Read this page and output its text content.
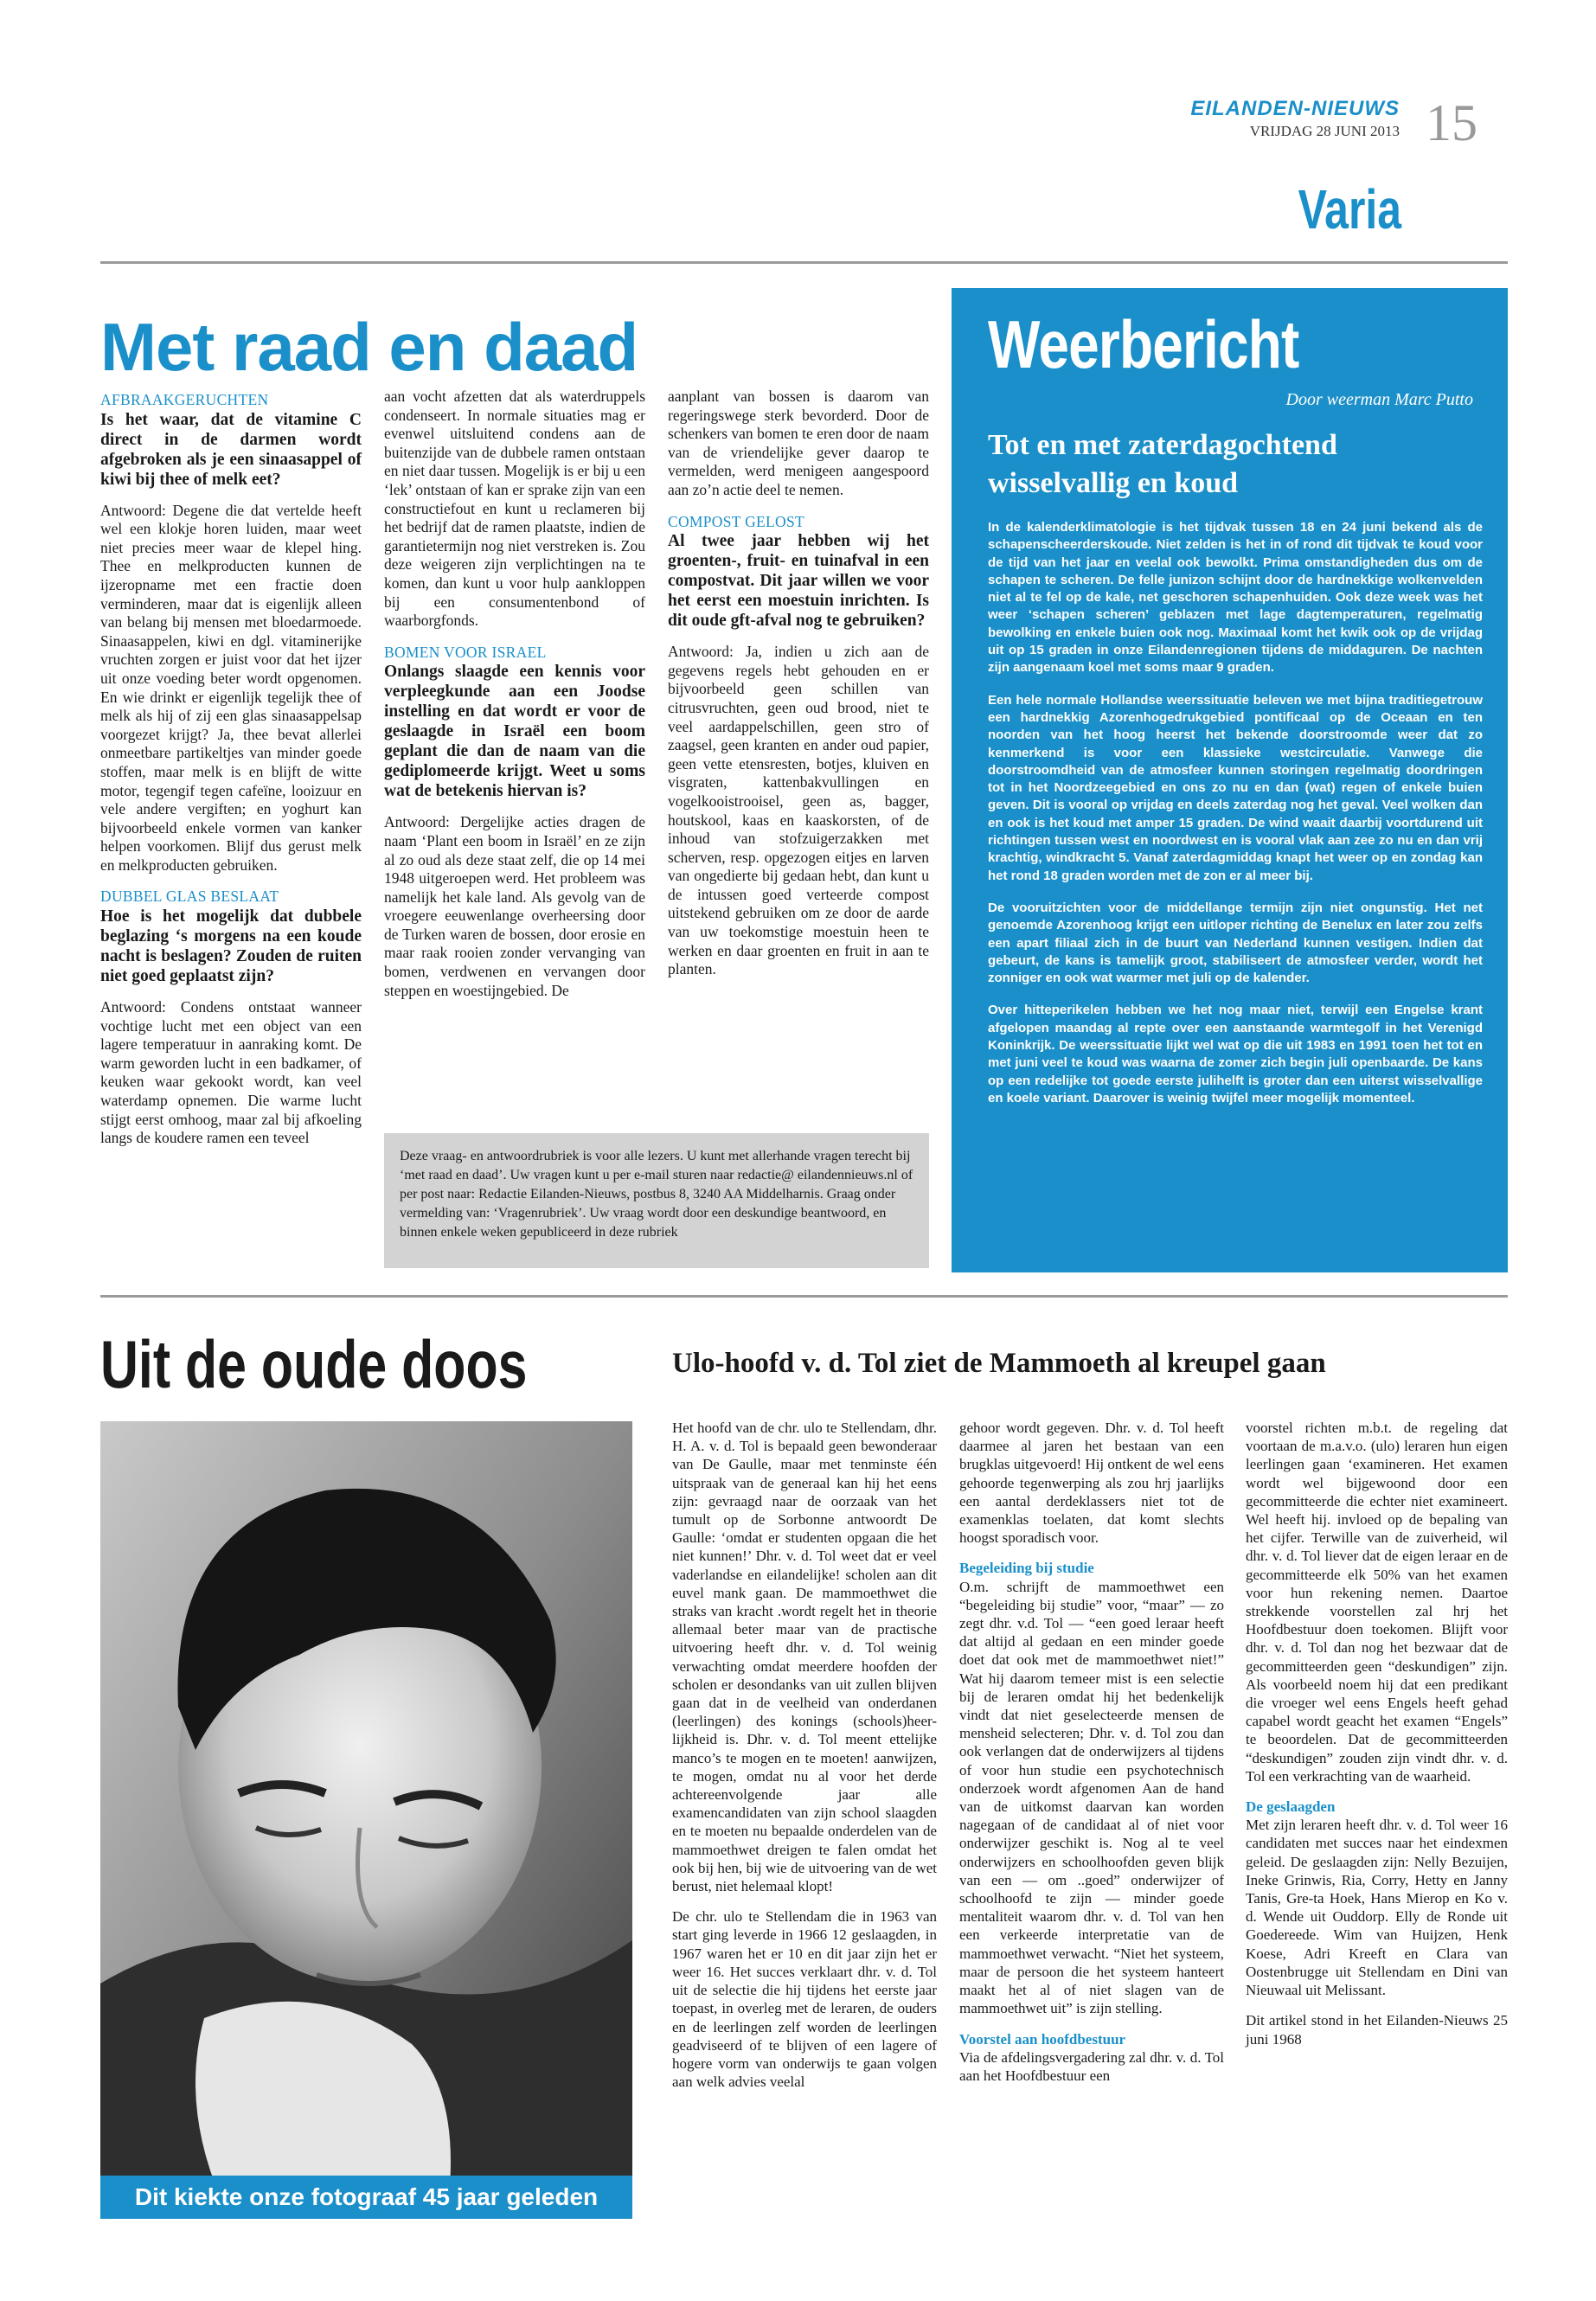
EILANDEN-NIEUWS
VRIJDAG 28 JUNI 2013 15
Varia
Met raad en daad
AFBRAAKGERUCHTEN
Is het waar, dat de vitamine C direct in de darmen wordt afgebroken als je een sinaasappel of kiwi bij thee of melk eet?

Antwoord: Degene die dat vertelde heeft wel een klokje horen luiden, maar weet niet precies meer waar de klepel hing. Thee en melkproducten kunnen de ijzeropname met een fractie doen verminderen, maar dat is eigenlijk alleen van belang bij mensen met bloedarmoede. Sinaasappelen, kiwi en dgl. vitaminerijke vruchten zorgen er juist voor dat het ijzer uit onze voeding beter wordt opgenomen. En wie drinkt er eigenlijk tegelijk thee of melk als hij of zij een glas sinaasappelsap voorgezet krijgt? Ja, thee bevat allerlei onmeetbare partikeltjes van minder goede stoffen, maar melk is en blijft de witte motor, tegengif tegen cafeïne, looizuur en vele andere vergiften; en yoghurt kan bijvoorbeeld enkele vormen van kanker helpen voorkomen. Blijf dus gerust melk en melkproducten gebruiken.

DUBBEL GLAS BESLAAT
Hoe is het mogelijk dat dubbele beglazing ‘s morgens na een koude nacht is beslagen? Zouden de ruiten niet goed geplaatst zijn?

Antwoord: Condens ontstaat wanneer vochtige lucht met een object van een lagere temperatuur in aanraking komt. De warm geworden lucht in een badkamer, of keuken waar gekookt wordt, kan veel waterdamp opnemen. Die warme lucht stijgt eerst omhoog, maar zal bij afkoeling langs de koudere ramen een teveel

aan vocht afzetten dat als waterdruppels condenseert. In normale situaties mag er evenwel uitsluitend condens aan de buitenzijde van de dubbele ramen ontstaan en niet daar tussen. Mogelijk is er bij u een ‘lek’ ontstaan of kan er sprake zijn van een constructiefout en kunt u reclameren bij het bedrijf dat de ramen plaatste, indien de garantietermijn nog niet verstreken is. Zou deze weigeren zijn verplichtingen na te komen, dan kunt u voor hulp aankloppen bij een consumentenbond of waarborgfonds.

BOMEN VOOR ISRAEL
Onlangs slaagde een kennis voor verpleegkunde aan een Joodse instelling en dat wordt er voor de geslaagde in Israël een boom geplant die dan de naam van die gediplomeerde krijgt. Weet u soms wat de betekenis hiervan is?

Antwoord: Dergelijke acties dragen de naam ‘Plant een boom in Israël’ en ze zijn al zo oud als deze staat zelf, die op 14 mei 1948 uitgeroepen werd. Het probleem was namelijk het kale land. Als gevolg van de vroegere eeuwenlange overheersing door de Turken waren de bossen, door erosie en maar raak rooien zonder vervanging van bomen, verdwenen en vervangen door steppen en woestijngebied. De

aanplant van bossen is daarom van regeringswege sterk bevorderd. Door de schenkers van bomen te eren door de naam van de vriendelijke gever daarop te vermelden, werd menigeen aangespoord aan zo’n actie deel te nemen.

COMPOST GELOST
Al twee jaar hebben wij het groenten-, fruit- en tuinafval in een compostvat. Dit jaar willen we voor het eerst een moestuin inrichten. Is dit oude gft-afval nog te gebruiken?

Antwoord: Ja, indien u zich aan de gegevens regels hebt gehouden en er bijvoorbeeld geen schillen van citrusvruchten, geen oud brood, niet te veel aardappelschillen, geen stro of zaagsel, geen kranten en ander oud papier, geen vette etensresten, botjes, kluiven en visgraten, kattenbakvullingen en vogelkooistrooisel, geen as, bagger, houtskool, kaas en kaaskorsten, of de inhoud van stofzuigerzakken met scherven, resp. opgezogen eitjes en larven van ongedierte bij gedaan hebt, dan kunt u de intussen goed verteerde compost uitstekend gebruiken om ze door de aarde van uw toekomstige moestuin heen te werken en daar groenten en fruit in aan te planten.

Deze vraag- en antwoordrubriek is voor alle lezers. U kunt met allerhande vragen terecht bij ‘met raad en daad’. Uw vragen kunt u per e-mail sturen naar redactie@ eilandennieuws.nl of per post naar: Redactie Eilanden-Nieuws, postbus 8, 3240 AA Middelharnis. Graag onder vermelding van: ‘Vragenrubriek’. Uw vraag wordt door een deskundige beantwoord, en binnen enkele weken gepubliceerd in deze rubriek
Weerbericht
Door weerman Marc Putto
Tot en met zaterdagochtend wisselvallig en koud

In de kalenderklimatologie is het tijdvak tussen 18 en 24 juni bekend als de schapenscheerderskoude. Niet zelden is het in of rond dit tijdvak te koud voor de tijd van het jaar en veelal ook bewolkt. Prima omstandigheden dus om de schapen te scheren. De felle junizon schijnt door de hardnekkige wolkenvelden niet al te fel op de kale, net geschoren schapenhuiden. Ook deze week was het weer ‘schapen scheren’ geblazen met lage dagtemperaturen, regelmatig bewolking en enkele buien ook nog. Maximaal komt het kwik ook op de vrijdag uit op 15 graden in onze Eilandenregionen tijdens de middaguren. De nachten zijn aangenaam koel met soms maar 9 graden.

Een hele normale Hollandse weerssituatie beleven we met bijna traditiegetrouw een hardnekkig Azorenhogedrukgebied pontificaal op de Oceaan en ten noorden van het hoog heerst het bekende doorstroomde weer dat zo kenmerkend is voor een klassieke westcirculatie. Vanwege die doorstroomdheid van de atmosfeer kunnen storingen regelmatig doordringen tot in het Noordzeegebied en ons zo nu en dan (wat) regen of enkele buien geven. Dit is vooral op vrijdag en deels zaterdag nog het geval. Veel wolken dan en ook is het koud met amper 15 graden. De wind waait daarbij voortdurend uit richtingen tussen west en noordwest en is vooral vlak aan zee zo nu en dan vrij krachtig, windkracht 5. Vanaf zaterdagmiddag knapt het weer op en zondag kan het rond 18 graden worden met de zon er al meer bij.

De vooruitzichten voor de middellange termijn zijn niet ongunstig. Het net genoemde Azorenhoog krijgt een uitloper richting de Benelux en later zou zelfs een apart filiaal zich in de buurt van Nederland kunnen vestigen. Indien dat gebeurt, de kans is tamelijk groot, stabiliseert de atmosfeer verder, wordt het zonniger en ook wat warmer met juli op de kalender.

Over hitteperikelen hebben we het nog maar niet, terwijl een Engelse krant afgelopen maandag al repte over een aanstaande warmtegolf in het Verenigd Koninkrijk. De weerssituatie lijkt wel wat op die uit 1983 en 1991 toen het tot en met juni veel te koud was waarna de zomer zich begin juli openbaarde. De kans op een redelijke tot goede eerste julihelft is groter dan een uiterst wisselvallige en koele variant. Daarover is weinig twijfel meer mogelijk momenteel.

Uit de oude doos	Ulo-hoofd v. d. Tol ziet de Mammoeth al kreupel gaan
Dit kiekte onze fotograaf 45 jaar geleden

Het hoofd van de chr. ulo te Stellendam, dhr. H. A. v. d. Tol is bepaald geen bewonderaar van De Gaulle, maar met tenminste één uitspraak van de generaal kan hij het eens zijn: gevraagd naar de oorzaak van het tumult op de Sorbonne antwoordt De Gaulle: ‘omdat er studenten opgaan die het niet kunnen!’ Dhr. v. d. Tol weet dat er veel vaderlandse en eilandelijke! scholen aan dit euvel mank gaan. De mammoethwet die straks van kracht .wordt regelt het in theorie allemaal beter maar van de practische uitvoering heeft dhr. v. d. Tol weinig verwachting omdat meerdere hoofden der scholen er desondanks van uit zullen blijven gaan dat in de veelheid van onderdanen (leerlingen) des konings (schools)heer-lijkheid is. Dhr. v. d. Tol meent ettelijke manco’s te mogen en te moeten! aanwijzen, te mogen, omdat nu al voor het derde achtereenvolgende jaar alle examencandidaten van zijn school slaagden en te moeten nu bepaalde onderdelen van de mammoethwet dreigen te falen omdat het ook bij hen, bij wie de uitvoering van de wet berust, niet helemaal klopt!

De chr. ulo te Stellendam die in 1963 van start ging leverde in 1966 12 geslaagden, in 1967 waren het er 10 en dit jaar zijn het er weer 16. Het succes verklaart dhr. v. d. Tol uit de selectie die hij tijdens het eerste jaar toepast, in overleg met de leraren, de ouders en de leerlingen zelf worden de leerlingen geadviseerd of te blijven of een lagere of hogere vorm van onderwijs te gaan volgen aan welk advies veelal

gehoor wordt gegeven. Dhr. v. d. Tol heeft daarmee al jaren het bestaan van een brugklas uitgevoerd! Hij ontkent de wel eens gehoorde tegenwerping als zou hrj jaarlijks een aantal derdeklassers niet tot de examenklas toelaten, dat komt slechts hoogst sporadisch voor.

Begeleiding bij studie

O.m. schrijft de mammoethwet een “begeleiding bij studie” voor, “maar” — zo zegt dhr. v.d. Tol — “een goed leraar heeft dat altijd al gedaan en een minder goede doet dat ook met de mammoethwet niet!” Wat hij daarom temeer mist is een selectie bij de leraren omdat hij het bedenkelijk vindt dat niet geselecteerde mensen de mensheid selecteren; Dhr. v. d. Tol zou dan ook verlangen dat de onderwijzers al tijdens of voor hun studie een psychotechnisch onderzoek wordt afgenomen Aan de hand van de uitkomst daarvan kan worden nagegaan of de candidaat al of niet voor onderwijzer geschikt is. Nog al te veel onderwijzers en schoolhoofden geven blijk van een — om ..goed” onderwijzer of schoolhoofd te zijn — minder goede mentaliteit waarom dhr. v. d. Tol van hen een verkeerde interpretatie van de mammoethwet verwacht. “Niet het systeem, maar de persoon die het systeem hanteert maakt het al of niet slagen van de mammoethwet uit” is zijn stelling.

Voorstel aan hoofdbestuur

Via de afdelingsvergadering zal dhr. v. d. Tol aan het Hoofdbestuur een

voorstel richten m.b.t. de regeling dat voortaan de m.a.v.o. (ulo) leraren hun eigen leerlingen gaan ‘examineren. Het examen wordt wel bijgewoond door een gecommitteerde die echter niet examineert. Wel heeft hij. invloed op de bepaling van het cijfer. Terwille van de zuiverheid, wil dhr. v. d. Tol liever dat de eigen leraar en de gecommitteerde elk 50% van het examen voor hun rekening nemen. Daartoe strekkende voorstellen zal hrj het Hoofdbestuur doen toekomen. Blijft voor dhr. v. d. Tol dan nog het bezwaar dat de gecommitteerden geen “deskundigen” zijn. Als voorbeeld noem hij dat een predikant die vroeger wel eens Engels heeft gehad capabel wordt geacht het examen “Engels” te beoordelen. Dat de gecommitteerden “deskundigen” zouden zijn vindt dhr. v. d. Tol een verkrachting van de waarheid.

De geslaagden

Met zijn leraren heeft dhr. v. d. Tol weer 16 candidaten met succes naar het eindexmen geleid. De geslaagden zijn: Nelly Bezuijen, Ineke Grinwis, Ria, Corry, Hetty en Janny Tanis, Gre-ta Hoek, Hans Mierop en Ko v. d. Wende uit Ouddorp. Elly de Ronde uit Goedereede. Wim van Huijzen, Henk Koese, Adri Kreeft en Clara van Oostenbrugge uit Stellendam en Dini van Nieuwaal uit Melissant.

Dit artikel stond in het Eilanden-Nieuws 25 juni 1968
